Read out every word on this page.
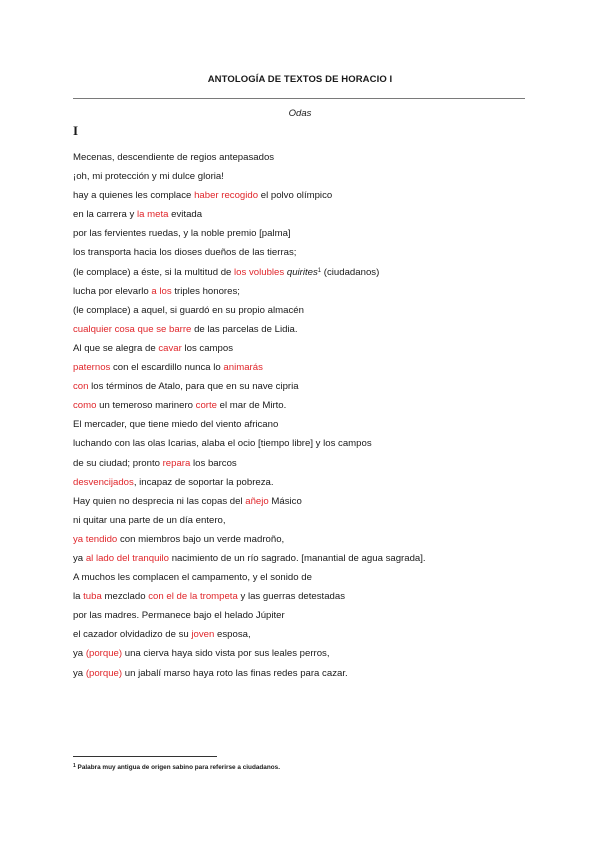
ANTOLOGÍA DE TEXTOS DE HORACIO I
Odas
I
Mecenas, descendiente de regios antepasados
¡oh, mi protección y mi dulce gloria!
hay a quienes les complace haber recogido el polvo olímpico
en la carrera y la meta evitada
por las fervientes ruedas, y la noble premio [palma]
los transporta hacia los dioses dueños de las tierras;
(le complace) a éste, si la multitud de los volubles quirites$^1$ (ciudadanos)
lucha por elevarlo a los triples honores;
(le complace) a aquel, si guardó en su propio almacén
cualquier cosa que se barre de las parcelas de Lidia.
Al que se alegra de cavar los campos
paternos con el escardillo nunca lo animarás
con los términos de Atalo, para que en su nave cipria
como un temeroso marinero corte el mar de Mirto.
El mercader, que tiene miedo del viento africano
luchando con las olas Icarias, alaba el ocio [tiempo libre] y los campos
de su ciudad; pronto repara los barcos
desvencijados, incapaz de soportar la pobreza.
Hay quien no desprecia ni las copas del añejo Másico
ni quitar una parte de un día entero,
ya tendido con miembros bajo un verde madroño,
ya al lado del tranquilo nacimiento de un río sagrado. [manantial de agua sagrada].
A muchos les complacen el campamento, y el sonido de
la tuba mezclado con el de la trompeta y las guerras detestadas
por las madres. Permanece bajo el helado Júpiter
el cazador olvidadizo de su joven esposa,
ya (porque) una cierva haya sido vista por sus leales perros,
ya (porque) un jabalí marso haya roto las finas redes para cazar.
$^1$ Palabra muy antigua de origen sabino para referirse a ciudadanos.
